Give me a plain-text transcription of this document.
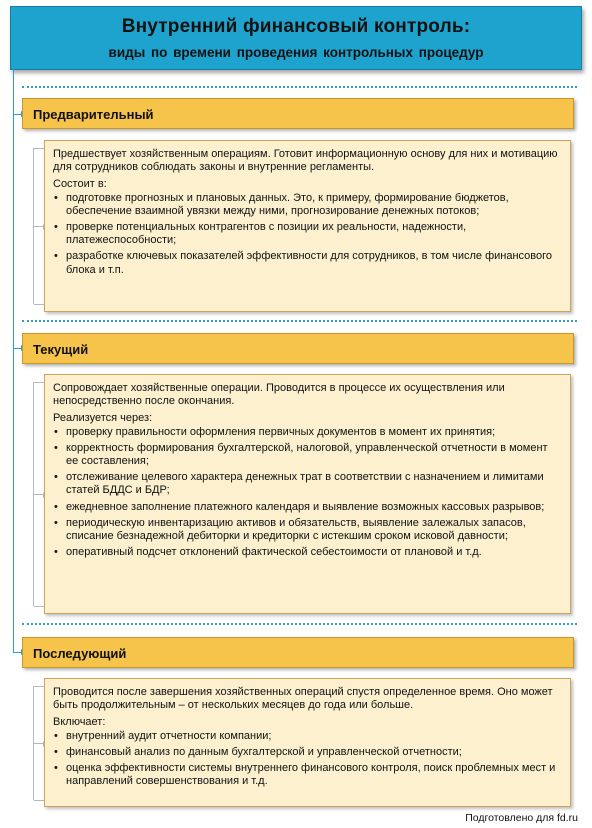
Внутренний финансовый контроль:
виды по времени проведения контрольных процедур
Предварительный

Предшествует хозяйственным операциям. Готовит информационную основу для них и мотивацию для сотрудников соблюдать законы и внутренние регламенты.

Состоит в:

• подготовке прогнозных и плановых данных. Это, к примеру, формирование бюджетов, обеспечение взаимной увязки между ними, прогнозирование денежных потоков;
• проверке потенциальных контрагентов с позиции их реальности, надежности, платежеспособности;
• разработке ключевых показателей эффективности для сотрудников, в том числе финансового блока и т.п.
Текущий

Сопровождает хозяйственные операции. Проводится в процессе их осуществления или непосредственно после окончания.

Реализуется через:

• проверку правильности оформления первичных документов в момент их принятия;
• корректность формирования бухгалтерской, налоговой, управленческой отчетности в момент ее составления;
• отслеживание целевого характера денежных трат в соответствии с назначением и лимитами статей БДДС и БДР;
• ежедневное заполнение платежного календаря и выявление возможных кассовых разрывов;
• периодическую инвентаризацию активов и обязательств, выявление залежалых запасов, списание безнадежной дебиторки и кредиторки с истекшим сроком исковой давности;
• оперативный подсчет отклонений фактической себестоимости от плановой и т.д.
Последующий

Проводится после завершения хозяйственных операций спустя определенное время. Оно может быть продолжительным – от нескольких месяцев до года или больше.

Включает:

• внутренний аудит отчетности компании;
• финансовый анализ по данным бухгалтерской и управленческой отчетности;
• оценка эффективности системы внутреннего финансового контроля, поиск проблемных мест и направлений совершенствования и т.д.
Подготовлено для fd.ru
